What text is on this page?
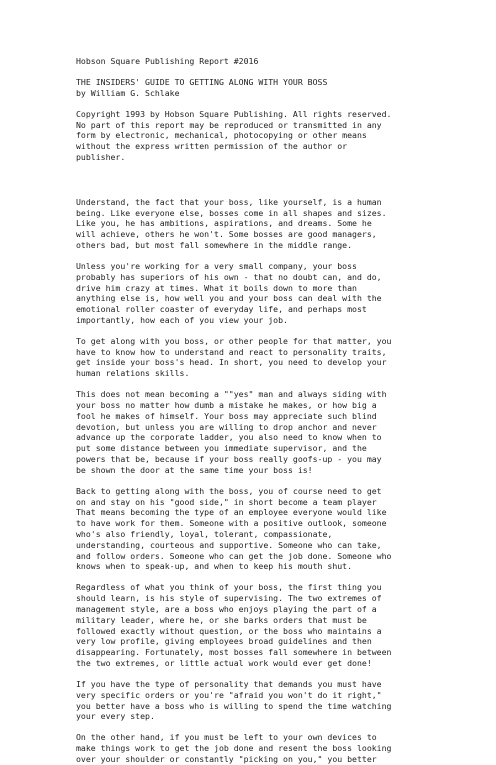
Hobson Square Publishing Report #2016

THE INSIDERS' GUIDE TO GETTING ALONG WITH YOUR BOSS

by William G. Schlake

Copyright 1993 by Hobson Square Publishing. All rights reserved.
No part of this report may be reproduced or transmitted in any
form by electronic, mechanical, photocopying or other means
without the express written permission of the author or
publisher.

Understand, the fact that your boss, like yourself, is a human
being. Like everyone else, bosses come in all shapes and sizes.
Like you, he has ambitions, aspirations, and dreams. Some he
will achieve, others he won't. Some bosses are good managers,
others bad, but most fall somewhere in the middle range.

Unless you're working for a very small company, your boss
probably has superiors of his own - that no doubt can, and do,
drive him crazy at times. What it boils down to more than
anything else is, how well you and your boss can deal with the
emotional roller coaster of everyday life, and perhaps most
importantly, how each of you view your job.

To get along with you boss, or other people for that matter, you
have to know how to understand and react to personality traits,
get inside your boss's head. In short, you need to develop your
human relations skills.

This does not mean becoming a ""yes" man and always siding with
your boss no matter how dumb a mistake he makes, or how big a
fool he makes of himself. Your boss may appreciate such blind
devotion, but unless you are willing to drop anchor and never
advance up the corporate ladder, you also need to know when to
put some distance between you immediate supervisor, and the
powers that be, because if your boss really goofs-up - you may
be shown the door at the same time your boss is!

Back to getting along with the boss, you of course need to get
on and stay on his "good side," in short become a team player
That means becoming the type of an employee everyone would like
to have work for them. Someone with a positive outlook, someone
who's also friendly, loyal, tolerant, compassionate,
understanding, courteous and supportive. Someone who can take,
and follow orders. Someone who can get the job done. Someone who
knows when to speak-up, and when to keep his mouth shut.

Regardless of what you think of your boss, the first thing you
should learn, is his style of supervising. The two extremes of
management style, are a boss who enjoys playing the part of a
military leader, where he, or she barks orders that must be
followed exactly without question, or the boss who maintains a
very low profile, giving employees broad guidelines and then
disappearing. Fortunately, most bosses fall somewhere in between
the two extremes, or little actual work would ever get done!

If you have the type of personality that demands you must have
very specific orders or you're "afraid you won't do it right,"
you better have a boss who is willing to spend the time watching
your every step.

On the other hand, if you must be left to your own devices to
make things work to get the job done and resent the boss looking
over your shoulder or constantly "picking on you," you better
